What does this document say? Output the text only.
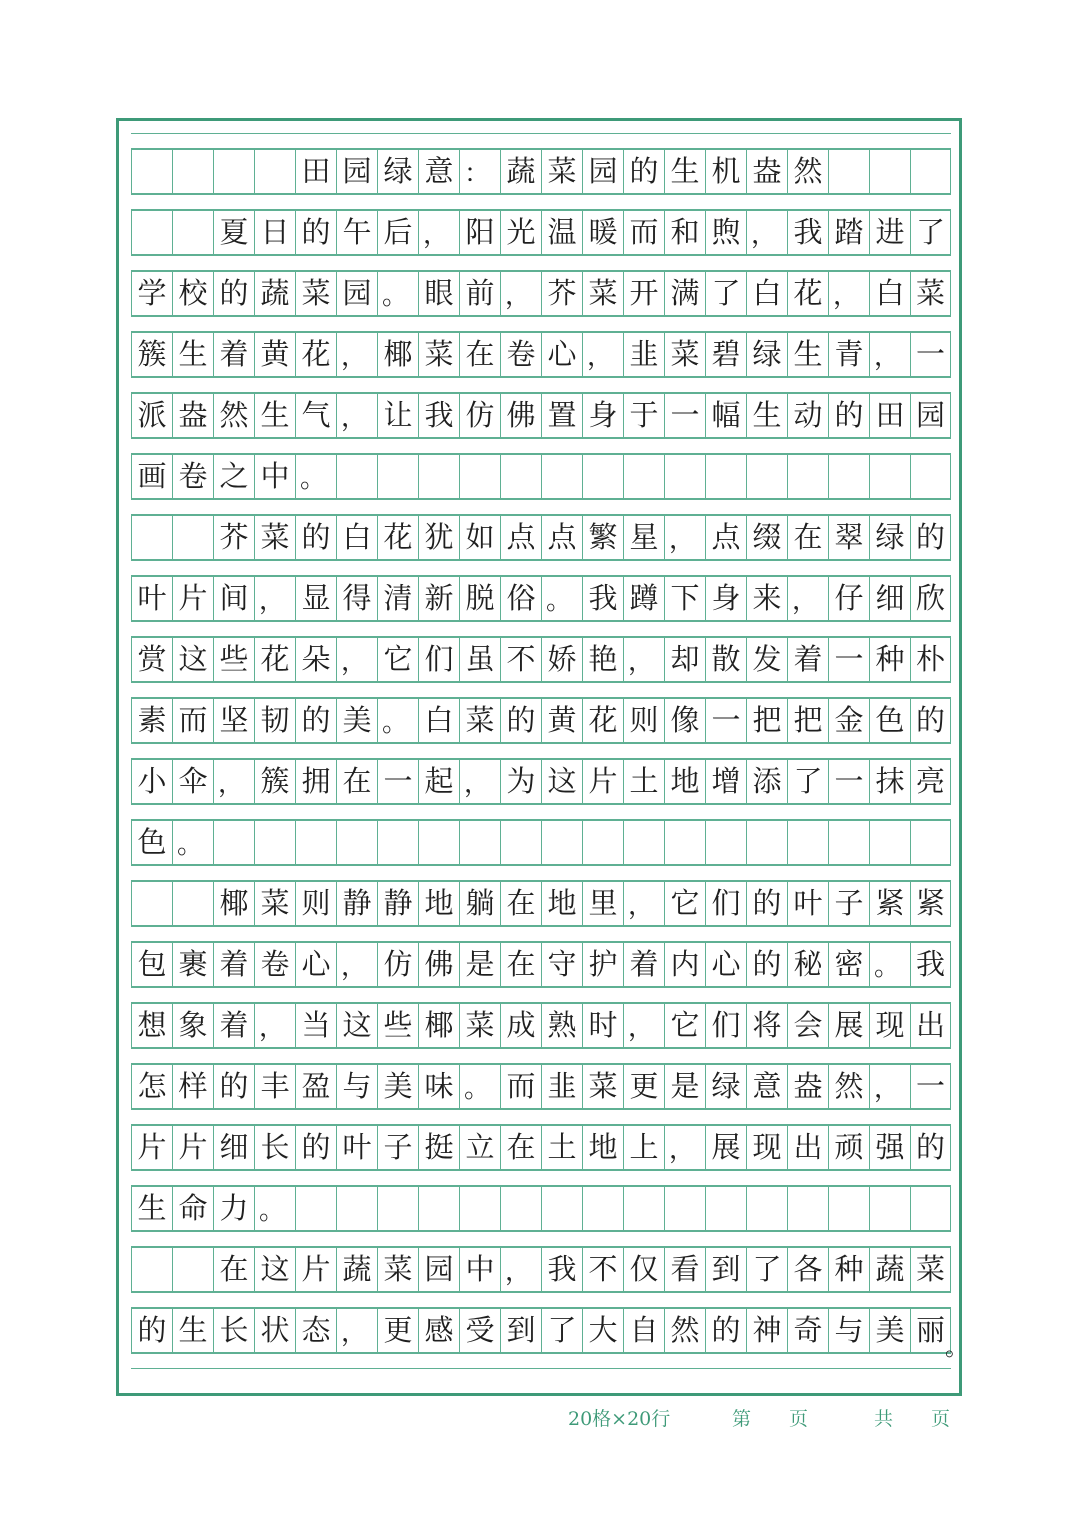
田 园 绿 意 ： 蔬 菜 园 的 生 机 盎 然
夏 日 的 午 后 ， 阳 光 温 暖 而 和 煦 ， 我 踏 进 了
学 校 的 蔬 菜 园 。 眼 前 ， 芥 菜 开 满 了 白 花 ， 白 菜
簇 生 着 黄 花 ， 椰 菜 在 卷 心 ， 韭 菜 碧 绿 生 青 ， 一
派 盎 然 生 气 ， 让 我 仿 佛 置 身 于 一 幅 生 动 的 田 园
画 卷 之 中 。
芥 菜 的 白 花 犹 如 点 点 繁 星 ， 点 缀 在 翠 绿 的
叶 片 间 ， 显 得 清 新 脱 俗 。 我 蹲 下 身 来 ， 仔 细 欣
赏 这 些 花 朵 ， 它 们 虽 不 娇 艳 ， 却 散 发 着 一 种 朴
素 而 坚 韧 的 美 。 白 菜 的 黄 花 则 像 一 把 把 金 色 的
小 伞 ， 簇 拥 在 一 起 ， 为 这 片 土 地 增 添 了 一 抹 亮
色 。
椰 菜 则 静 静 地 躺 在 地 里 ， 它 们 的 叶 子 紧 紧
包 裹 着 卷 心 ， 仿 佛 是 在 守 护 着 内 心 的 秘 密 。 我
想 象 着 ， 当 这 些 椰 菜 成 熟 时 ， 它 们 将 会 展 现 出
怎 样 的 丰 盈 与 美 味 。 而 韭 菜 更 是 绿 意 盎 然 ， 一
片 片 细 长 的 叶 子 挺 立 在 土 地 上 ， 展 现 出 顽 强 的
生 命 力 。
在 这 片 蔬 菜 园 中 ， 我 不 仅 看 到 了 各 种 蔬 菜
的 生 长 状 态 ， 更 感 受 到 了 大 自 然 的 神 奇 与 美 丽 。
20格×20行	第　　页	共　　页
